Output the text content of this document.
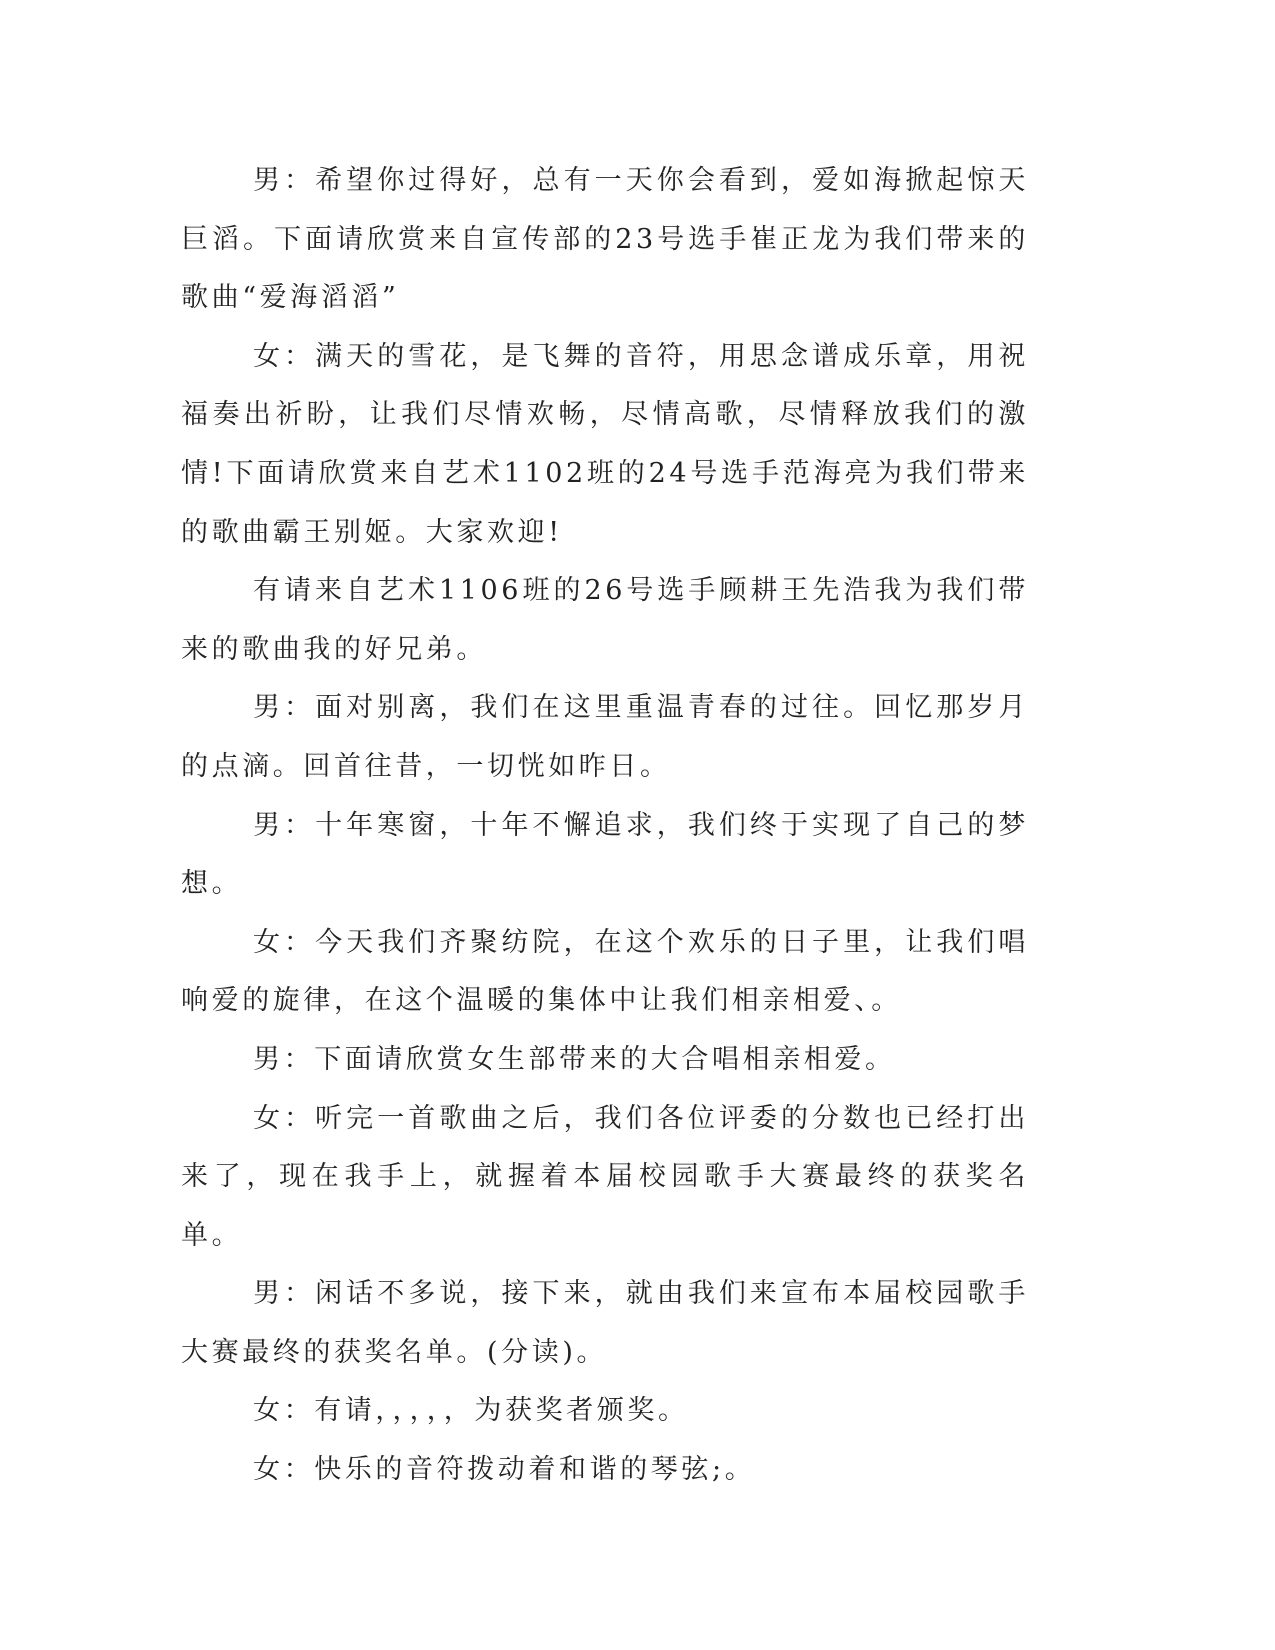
男：希望你过得好，总有一天你会看到，爱如海掀起惊天巨滔。下面请欣赏来自宣传部的23号选手崔正龙为我们带来的歌曲“爱海滔滔”

女：满天的雪花，是飞舞的音符，用思念谱成乐章，用祝福奏出祈盼，让我们尽情欢畅，尽情高歌，尽情释放我们的激情!下面请欣赏来自艺术1102班的24号选手范海亮为我们带来的歌曲霸王别姬。大家欢迎!

有请来自艺术1106班的26号选手顾耕王先浩我为我们带来的歌曲我的好兄弟。

男：面对别离，我们在这里重温青春的过往。回忆那岁月的点滴。回首往昔，一切恍如昨日。

男：十年寒窗，十年不懈追求，我们终于实现了自己的梦想。

女：今天我们齐聚纺院，在这个欢乐的日子里，让我们唱响爱的旋律，在这个温暖的集体中让我们相亲相爱、。

男：下面请欣赏女生部带来的大合唱相亲相爱。

女：听完一首歌曲之后，我们各位评委的分数也已经打出来了，现在我手上，就握着本届校园歌手大赛最终的获奖名单。

男：闲话不多说，接下来，就由我们来宣布本届校园歌手大赛最终的获奖名单。(分读)。

女：有请，，，，，为获奖者颁奖。

女：快乐的音符拨动着和谐的琴弦;。
